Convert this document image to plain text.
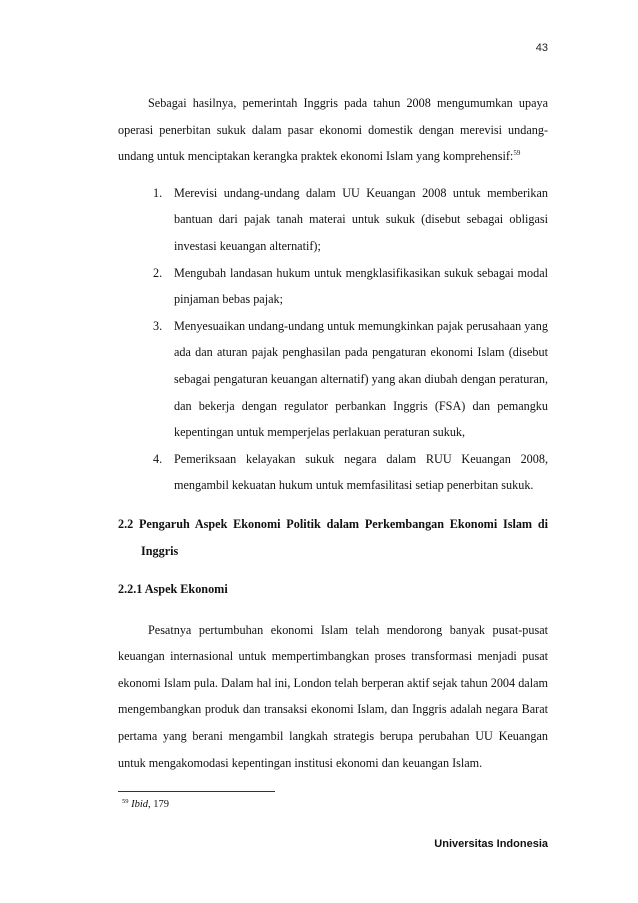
43

Sebagai hasilnya, pemerintah Inggris pada tahun 2008 mengumumkan upaya operasi penerbitan sukuk dalam pasar ekonomi domestik dengan merevisi undang-undang untuk menciptakan kerangka praktek ekonomi Islam yang komprehensif:$^{59}$

1. Merevisi undang-undang dalam UU Keuangan 2008 untuk memberikan bantuan dari pajak tanah materai untuk sukuk (disebut sebagai obligasi investasi keuangan alternatif);
2. Mengubah landasan hukum untuk mengklasifikasikan sukuk sebagai modal pinjaman bebas pajak;
3. Menyesuaikan undang-undang untuk memungkinkan pajak perusahaan yang ada dan aturan pajak penghasilan pada pengaturan ekonomi Islam (disebut sebagai pengaturan keuangan alternatif) yang akan diubah dengan peraturan, dan bekerja dengan regulator perbankan Inggris (FSA) dan pemangku kepentingan untuk memperjelas perlakuan peraturan sukuk,
4. Pemeriksaan kelayakan sukuk negara dalam RUU Keuangan 2008, mengambil kekuatan hukum untuk memfasilitasi setiap penerbitan sukuk.
2.2 Pengaruh Aspek Ekonomi Politik dalam Perkembangan Ekonomi Islam di Inggris
2.2.1 Aspek Ekonomi

Pesatnya pertumbuhan ekonomi Islam telah mendorong banyak pusat-pusat keuangan internasional untuk mempertimbangkan proses transformasi menjadi pusat ekonomi Islam pula. Dalam hal ini, London telah berperan aktif sejak tahun 2004 dalam mengembangkan produk dan transaksi ekonomi Islam, dan Inggris adalah negara Barat pertama yang berani mengambil langkah strategis berupa perubahan UU Keuangan untuk mengakomodasi kepentingan institusi ekonomi dan keuangan Islam.

$^{59}$ Ibid, 179
Universitas Indonesia
